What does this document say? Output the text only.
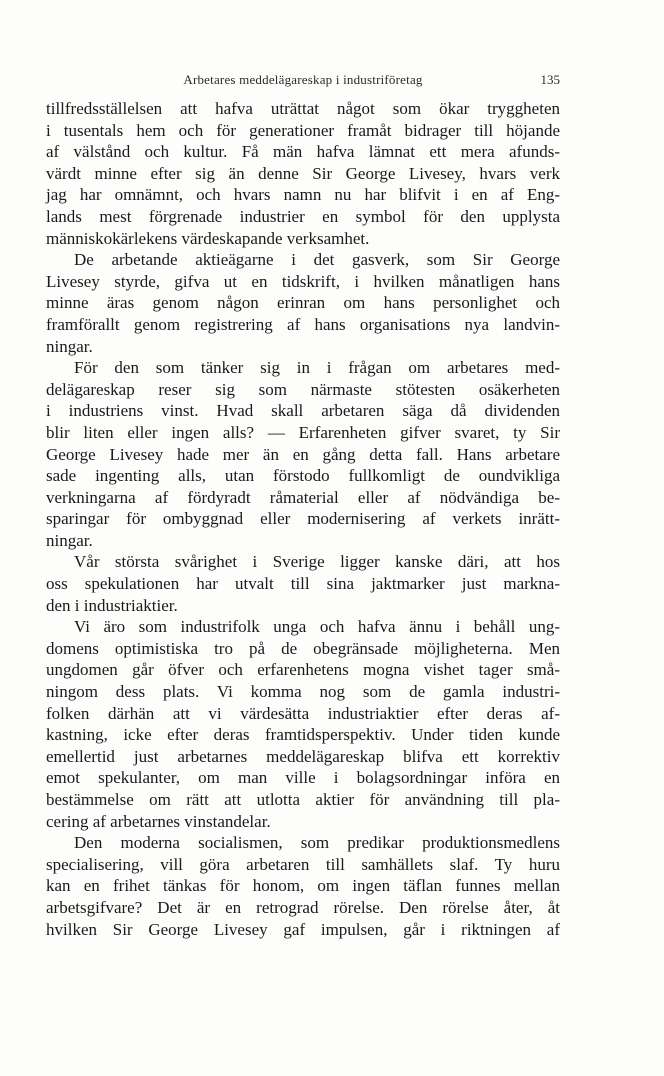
Arbetares meddelägareskap i industriföretag	135
tillfredsställelsen att hafva uträttat något som ökar tryggheten
i tusentals hem och för generationer framåt bidrager till höjande
af välstånd och kultur. Få män hafva lämnat ett mera afunds-
värdt minne efter sig än denne Sir George Livesey, hvars verk
jag har omnämnt, och hvars namn nu har blifvit i en af Eng-
lands mest förgrenade industrier en symbol för den upplysta
människokärlekens värdeskapande verksamhet.
De arbetande aktieägarne i det gasverk, som Sir George
Livesey styrde, gifva ut en tidskrift, i hvilken månatligen hans
minne äras genom någon erinran om hans personlighet och
framförallt genom registrering af hans organisations nya landvin-
ningar.
För den som tänker sig in i frågan om arbetares med-
delägareskap reser sig som närmaste stötesten osäkerheten
i industriens vinst. Hvad skall arbetaren säga då dividenden
blir liten eller ingen alls? — Erfarenheten gifver svaret, ty Sir
George Livesey hade mer än en gång detta fall. Hans arbetare
sade ingenting alls, utan förstodo fullkomligt de oundvikliga
verkningarna af fördyradt råmaterial eller af nödvändiga be-
sparingar för ombyggnad eller modernisering af verkets inrätt-
ningar.
Vår största svårighet i Sverige ligger kanske däri, att hos
oss spekulationen har utvalt till sina jaktmarker just markna-
den i industriaktier.
Vi äro som industrifolk unga och hafva ännu i behåll ung-
domens optimistiska tro på de obegränsade möjligheterna. Men
ungdomen går öfver och erfarenhetens mogna vishet tager små-
ningom dess plats. Vi komma nog som de gamla industri-
folken därhän att vi värdesätta industriaktier efter deras af-
kastning, icke efter deras framtidsperspektiv. Under tiden kunde
emellertid just arbetarnes meddelägareskap blifva ett korrektiv
emot spekulanter, om man ville i bolagsordningar införa en
bestämmelse om rätt att utlotta aktier för användning till pla-
cering af arbetarnes vinstandelar.
Den moderna socialismen, som predikar produktionsmedlens
specialisering, vill göra arbetaren till samhällets slaf. Ty huru
kan en frihet tänkas för honom, om ingen täflan funnes mellan
arbetsgifvare? Det är en retrograd rörelse. Den rörelse åter, åt
hvilken Sir George Livesey gaf impulsen, går i riktningen af
